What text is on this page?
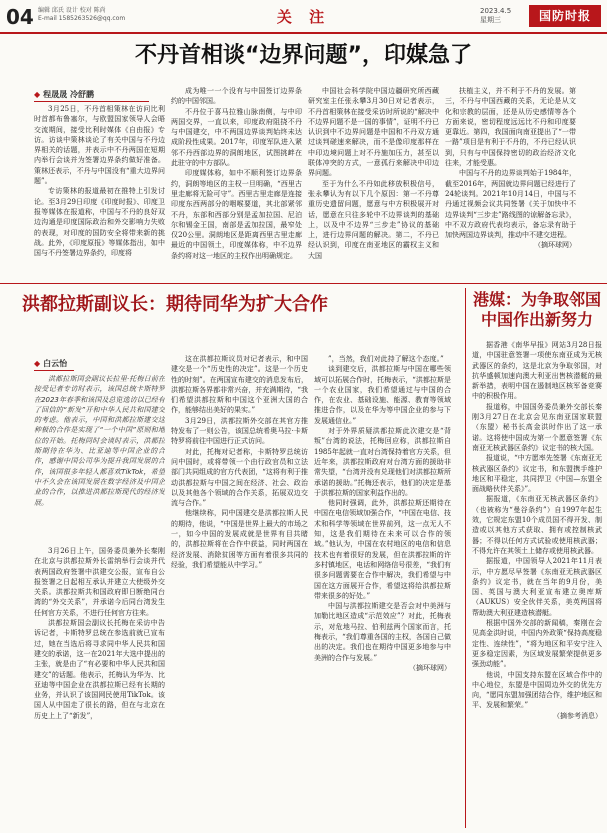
04 编辑 邱氏 设计 校对 陈尚
E-mail 1585263526@qq.com	关 注	2023.4.5
星期三	国防时报
不丹首相谈“边界问题”，印媒急了
◆ 程晟晟 冷舒鹏

3月25日，不丹首相策林在访问比利时首都布鲁塞尔，与欧盟国家领导人会晤交流期间，接受比利时媒体《自由报》专访。访谈中策林谈论了有关中国与不丹边界相关的话题，并表示中不丹两国在短期内举行会谈并为签署边界条约做好准备。策林还表示，不丹与中国没有“重大边界问题”。

专访策林的报道最初在推特上引发讨论。至3月29日印度《印度时报》、印度卫报等媒体在报道称，中国与不丹的良好双边沟通是印度国际政治和外交影响力失败的表现，对印度的国防安全将带来新的挑战。此外，《印度原报》等媒体指出，如中国与不丹签署边界条约，印度将

成为唯一一个没有与中国签订边界条约的中国邻国。

不丹位于喜马拉雅山脉南侧，与中印两国交界，一直以来，印度政府阻挠不丹与中国建交，中不两国边界谈判始终未达成阶段性成果。2017年，印度军队进入紧邻不丹西部边界的洞朗地区，试图挑衅在此驻守的中方部队。

印度媒体称，如中不顺利签订边界条约，洞朗等地区的主权一旦明确，“西里古里走廊将无险可守”。西里古里走廊是连接印度东西两部分的咽喉要道，其北部紧邻不丹，东部和西部分别是孟加拉国、尼泊尔和锡金王国，南部是孟加拉国，最窄处仅20公里。洞朗地区是距离西里古里走廊最近的中国领土，印度媒体称，中不边界条约将对这一地区的主权作出明确规定。

中国社会科学院中国边疆研究所西藏研究室主任张永攀3月30日对记者表示，不丹首相策林在接受采访时所说的“解决中不边界问题不是一国的事情”，证明不丹已认识到中不边界问题是中国和不丹双方通过谈判磋速来解决，而不是像印度那样在中印边境问题上对不丹施加压力，甚至以联体冲突的方式，一意孤行来解决中印边界问题。

至于为什么不丹如此移放积极信号，张永攀认为有以下几个原因：第一不丹尊重历史遗留问题，愿意与中方积极展开对话，愿意在只往多轮中不边界谈判的基础上，以及中不边界“三步走”协议的基础上，进行边界问题的解决。第二，不丹已经认识到，印度在南亚地区的霸权主义和大国

扶植主义，并不利于不丹的发展。第三，不丹与中国西藏的关系，无论是从文化和宗教的层面，还是从历史感情等各个方面来说，密切程度远远比不丹和印度要更靠近。第四，我国面向南亚提出了“一带一路”项目是有利于不丹的，不丹已经认识到，只有与中国保持密切的政治经济文化往来，才能受惠。

中国与不丹的边界谈判始于1984年，截至2016年，两国就边界问题已经进行了24轮谈判。2021年10月14日，中国与不丹通过视频会议共同签署《关于加快中不边界谈判“三步走”路线图的谅解备忘录》，中不双方政府代表均表示，备忘录有助于加快两国边界谈判，推动中不建交进程。

（摘环球网）

洪都拉斯副议长：期待同华为扩大合作
◆ 白云怡

洪都拉斯国会副议长拉里·托梅日前在接受记者专访时表示，该国总统卡斯特罗在2023年春季和该国及总览选访以已经有了回信的“新发”开和中华人民共和国建交的考虑。他表示，中国和洪都拉斯建交这种极的合作是实现了“一个中国”原则和地位的开始。托梅同时会谈时表示，洪都拉斯期待在华为、比亚迪等中国企业的合作，感谢中国公司华为提升我国发展的合作，该国很多年轻人都喜欢TikTok，希望中不久会在该国发展在数字经济及中国企业的合作，以推进洪都拉斯现代的经济发展。

3月26日上午，国务委员兼外长秦刚在北京与洪都拉斯外长雷纳举行会谈并代表两国政府签署中洪建交公报，宣布自公报签署之日起相互承认并建立大使级外交关系。洪都拉斯共和国政府即日断绝同台湾的“外交关系”，并承诺今后同台湾发生任何官方关系，不进行任何官方往来。

洪都拉斯国会副议长托梅在采访中告诉记者，卡斯特罗总统在参选前就已宣布过，她在当选后将寻求同中华人民共和国建交的承诺，这一在2021年大选中提出的主张，就是由了“有必要和中华人民共和国建交”的话题。他表示，托梅认为华为、比亚迪等中国企业在洪都拉斯已经有长期的业务，并认识了该国网民使用TikTok。该国人从中国走了很长的路，但在与北京在历史上上了“新发”，

这在洪都拉斯议员对记者表示，和中国建交是一个“历史性的决定”。这是一个历史性的时刻”。在两国宣布建交的消息发布后，洪都拉斯各界都非常兴奋，并充满期待，“我们希望洪都拉斯和中国这个亚洲大国的合作，能够结出美好的果实。”

3月29日，洪都拉斯外交部在其官方推特发布了一则公告，该国总统希奥马拉·卡斯特罗将前往中国进行正式访问。

对此，托梅对记者称，卡斯特罗总统访问中国时，或将带领一个由行政官员和立法部门共同组成的官方代表团，“这将有利于推动洪都拉斯与中国之间在经济、社会、政治以及其他各个领域的合作关系，拓展双边交流与合作。”

他继续称，同中国建交是洪都拉斯人民的期待，他说，“中国是世界上最大的市场之一，如今中国的发展成就是世界有目共睹的，洪都拉斯将在合作中获益，同时两国在经济发展、消除贫困等方面有着很多共同的经验，我们希望能从中学习。”

”，当然，我们对此持了解这个态度。”

谈到建交后，洪都拉斯与中国在哪些领域可以拓展合作时，托梅表示，“洪都拉斯是一个农业国家，我们希望通过与中国的合作，在农业、基础设施、能源、教育等领域推进合作，以及在华为等中国企业的参与下发展通信业。”

对于外界质疑洪都拉斯此次建交是“背叛”台湾的说法，托梅回应称，洪都拉斯自1985年起就一直对台湾保持着官方关系，但近年来，洪都拉斯政府对台湾方面的援助非常失望，“台湾并没有兑现他们对洪都拉斯所承诺的援助。”托梅还表示，他们的决定是基于洪都拉斯的国家利益作出的。

他同时强调，此外，洪都拉斯还期待在中国在电信领域加强合作，“中国在电信、技术和科学等领域在世界前列，这一点无人不知，这是我们期待在未来可以合作的领域。”他认为，中国在农村地区的电信和信息技术也有着很好的发展，但在洪都拉斯的许多村镇地区，电话和网络信号很差，“我们有很多问题需要在合作中解决，我们希望与中国在这方面展开合作，希望这将给洪都拉斯带来很多的好处。”

中国与洪都拉斯建交是否会对中美洲与加勒比地区造成“示范效应”？对此，托梅表示，对危地马拉、伯利兹两个国家而言，托梅表示，“我们尊重各国的主权，各国自己做出的决定。我们也在期待中国更多地参与中美洲的合作与发展。”

（摘环球网）

港媒：为争取邻国中国作出新努力

据香港《南华早报》网站3月28日报道，中国驻意签署一项使东南亚成为无核武器区的条约，这是北京为争取邻国，对抗华盛顿加速向澳大利亚出售核潜艇的最新举措，表明中国在遏制地区核军备竞赛中的积极作用。

报道称，中国国务委员兼外交部长秦刚3月27日在北京会见东南亚国家联盟（东盟）秘书长高金洪时作出了这一承诺。这将使中国成为第一个愿意签署《东南亚无核武器区条约》议定书的核大国。

报道说，“中方愿率先签署《东南亚无核武器区条约》议定书，和东盟携手维护地区和平稳定，共同捍卫《中国—东盟全面战略伙伴关系》”。

据报道，《东南亚无核武器区条约》（也被称为“曼谷条约”）自1997年起生效，它规定东盟10个成员国不得开发、制造或以其他方式获取、拥有或控制核武器；不得以任何方式试验或使用核武器；不得允许在其领土上储存或使用核武器。

据报道，中国领导人2021年11月表示，中方愿尽早签署《东南亚无核武器区条约》议定书，就在当年的9月份，美国、英国与澳大利亚宣布建立奥库斯（AUKUS）安全伙伴关系，美英两国将帮助澳大利亚建造核潜艇。

根据中国外交部的新闻稿，秦刚在会见高金洪时说，中国内外政策“保持高度稳定性、连续性”，“将为地区和平安宁注入更多稳定因素，为区域发展繁荣提供更多强劲动能”。

他说，中国支持东盟在区域合作中的中心地位，东盟是中国周边外交的优先方向，“愿同东盟加强团结合作，维护地区和平、发展和繁荣。”

（摘参考消息）
